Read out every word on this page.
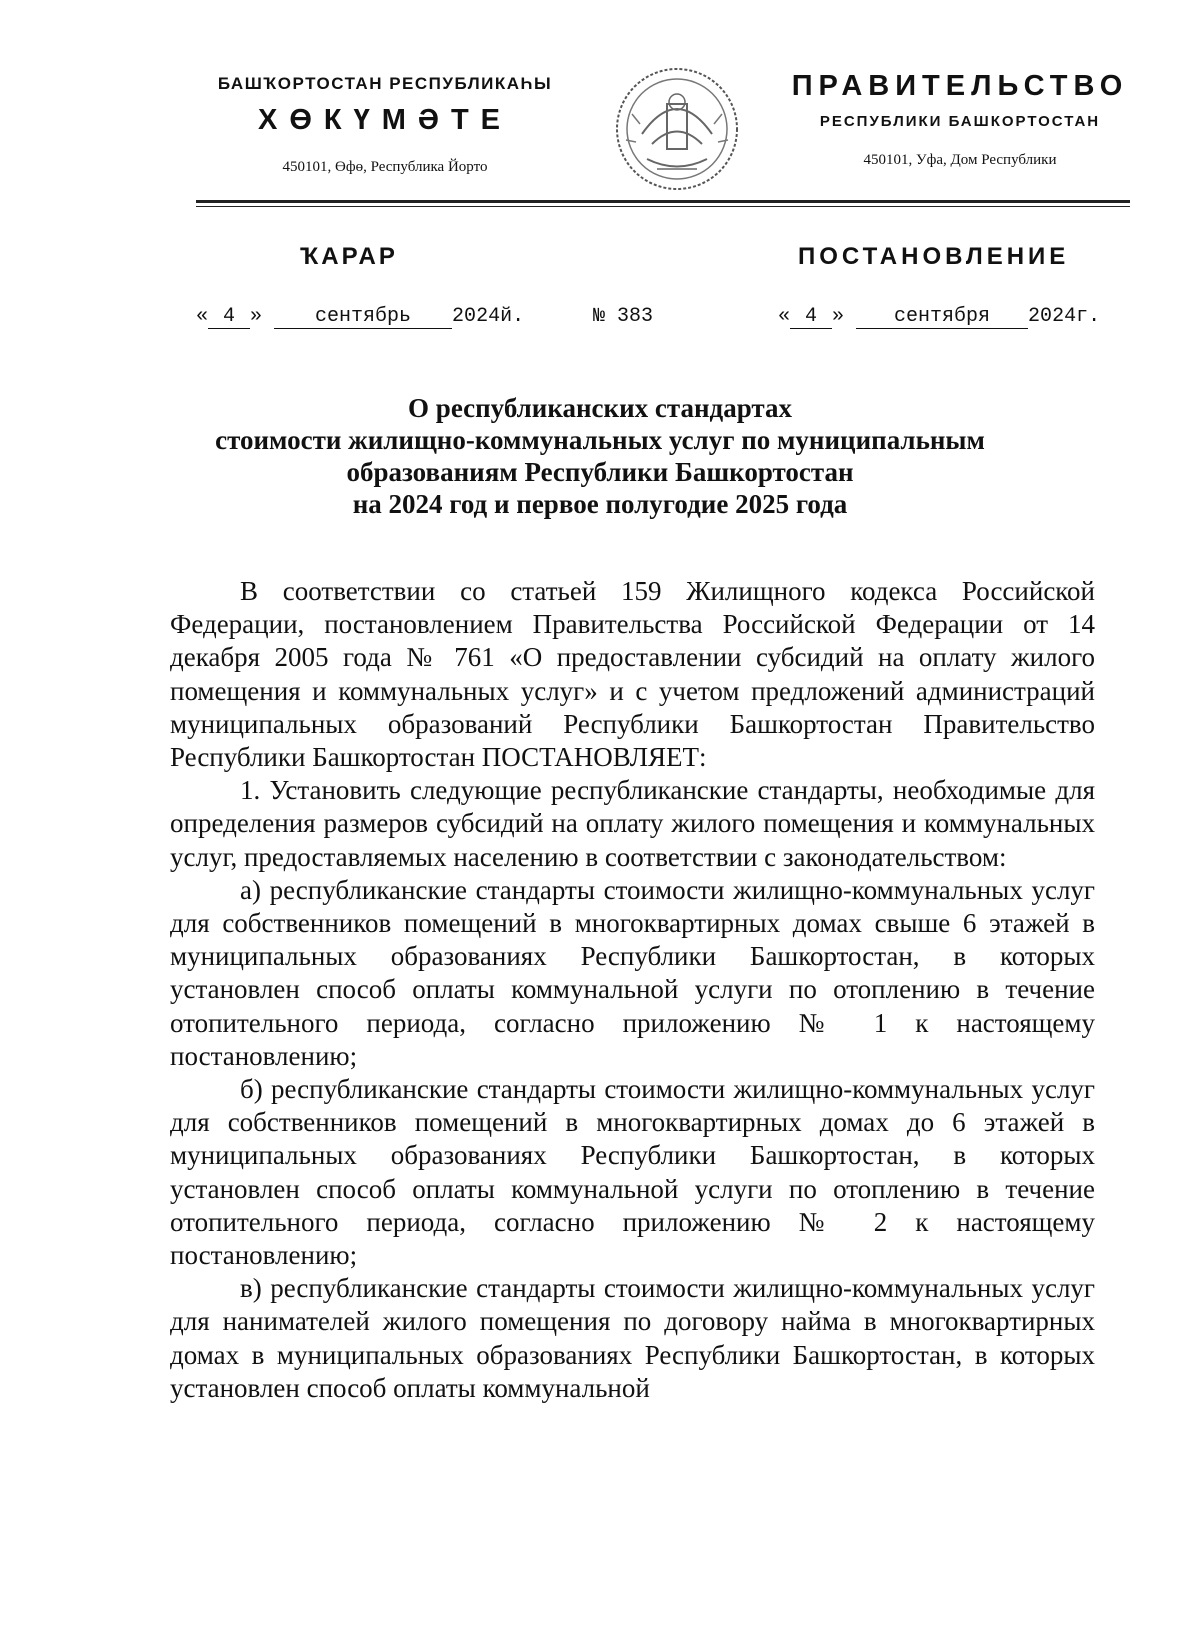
БАШҠОРТОСТАН РЕСПУБЛИКАҺЫ
ХӨКҮМӘТЕ
450101, Өфө, Республика Йорто
ПРАВИТЕЛЬСТВО
РЕСПУБЛИКИ БАШКОРТОСТАН
450101, Уфа, Дом Республики
ҠАРАР	ПОСТАНОВЛЕНИЕ
« 4 »	сентябрь 2024й.	№ 383	« 4 »	сентября 2024г.
О республиканских стандартах
стоимости жилищно-коммунальных услуг по муниципальным
образованиям Республики Башкортостан
на 2024 год и первое полугодие 2025 года

В соответствии со статьей 159 Жилищного кодекса Российской Федерации, постановлением Правительства Российской Федерации от 14 декабря 2005 года № 761 «О предоставлении субсидий на оплату жилого помещения и коммунальных услуг» и с учетом предложений администраций муниципальных образований Республики Башкортостан Правительство Республики Башкортостан ПОСТАНОВЛЯЕТ:

1. Установить следующие республиканские стандарты, необходимые для определения размеров субсидий на оплату жилого помещения и коммунальных услуг, предоставляемых населению в соответствии с законодательством:

а) республиканские стандарты стоимости жилищно-коммунальных услуг для собственников помещений в многоквартирных домах свыше 6 этажей в муниципальных образованиях Республики Башкортостан, в которых установлен способ оплаты коммунальной услуги по отоплению в течение отопительного периода, согласно приложению № 1 к настоящему постановлению;

б) республиканские стандарты стоимости жилищно-коммунальных услуг для собственников помещений в многоквартирных домах до 6 этажей в муниципальных образованиях Республики Башкортостан, в которых установлен способ оплаты коммунальной услуги по отоплению в течение отопительного периода, согласно приложению № 2 к настоящему постановлению;

в) республиканские стандарты стоимости жилищно-коммунальных услуг для нанимателей жилого помещения по договору найма в многоквартирных домах в муниципальных образованиях Республики Башкортостан, в которых установлен способ оплаты коммунальной
